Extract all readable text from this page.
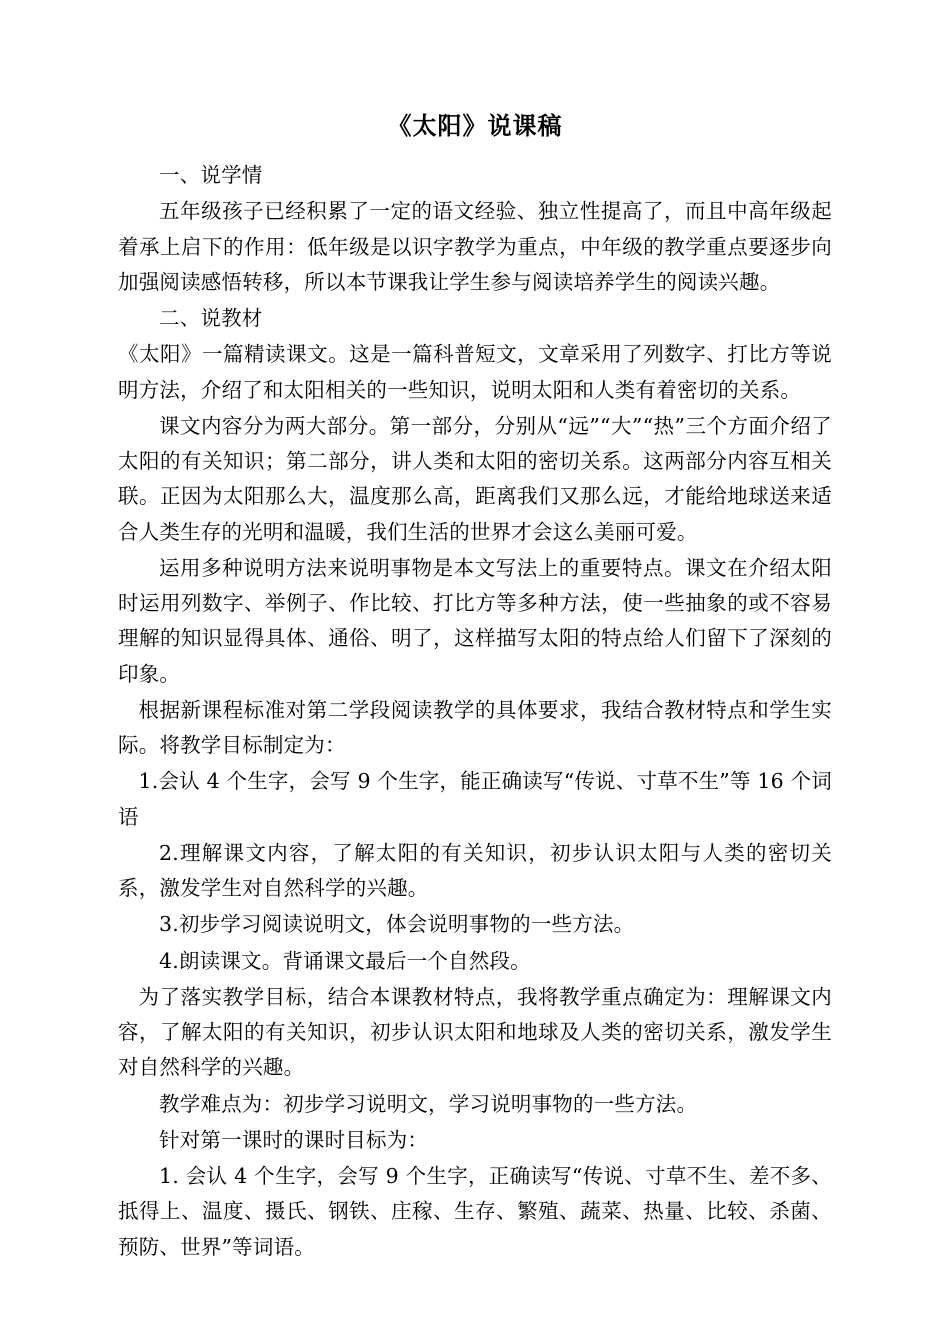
《太阳》说课稿

一、说学情

五年级孩子已经积累了一定的语文经验、独立性提高了，而且中高年级起着承上启下的作用：低年级是以识字教学为重点，中年级的教学重点要逐步向加强阅读感悟转移，所以本节课我让学生参与阅读培养学生的阅读兴趣。

二、说教材

《太阳》一篇精读课文。这是一篇科普短文，文章采用了列数字、打比方等说明方法，介绍了和太阳相关的一些知识，说明太阳和人类有着密切的关系。

课文内容分为两大部分。第一部分，分别从“远”“大”“热”三个方面介绍了太阳的有关知识；第二部分，讲人类和太阳的密切关系。这两部分内容互相关联。正因为太阳那么大，温度那么高，距离我们又那么远，才能给地球送来适合人类生存的光明和温暖，我们生活的世界才会这么美丽可爱。

运用多种说明方法来说明事物是本文写法上的重要特点。课文在介绍太阳时运用列数字、举例子、作比较、打比方等多种方法，使一些抽象的或不容易理解的知识显得具体、通俗、明了，这样描写太阳的特点给人们留下了深刻的印象。

根据新课程标准对第二学段阅读教学的具体要求，我结合教材特点和学生实际。将教学目标制定为：

1.会认 4 个生字，会写 9 个生字，能正确读写“传说、寸草不生”等 16 个词语

2.理解课文内容，了解太阳的有关知识，初步认识太阳与人类的密切关系，激发学生对自然科学的兴趣。

3.初步学习阅读说明文，体会说明事物的一些方法。

4.朗读课文。背诵课文最后一个自然段。

为了落实教学目标，结合本课教材特点，我将教学重点确定为：理解课文内容，了解太阳的有关知识，初步认识太阳和地球及人类的密切关系，激发学生对自然科学的兴趣。

教学难点为：初步学习说明文，学习说明事物的一些方法。

针对第一课时的课时目标为：

1. 会认 4 个生字，会写 9 个生字，正确读写“传说、寸草不生、差不多、抵得上、温度、摄氏、钢铁、庄稼、生存、繁殖、蔬菜、热量、比较、杀菌、预防、世界”等词语。
